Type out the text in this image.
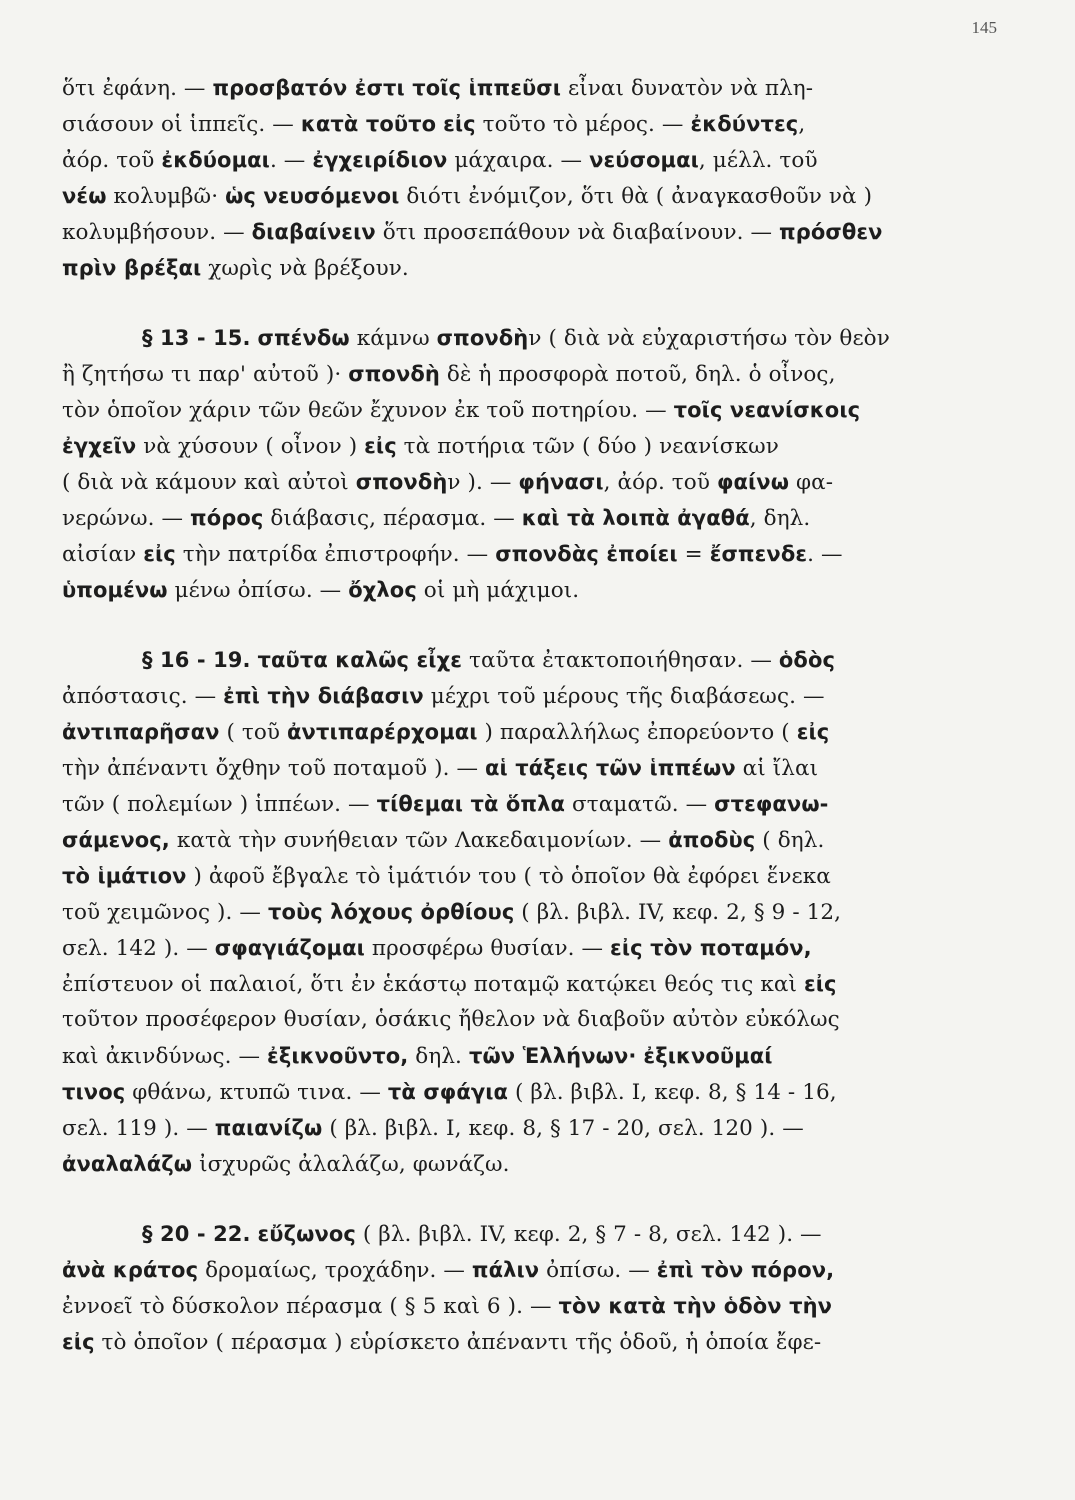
145

ὅτι ἐφάνη. — προσβατόν ἐστι τοῖς ἱππεῦσι εἶναι δυνατὸν νὰ πλη-

σιάσουν οἱ ἱππεῖς. — κατὰ τοῦτο εἰς τοῦτο τὸ μέρος. — ἐκδύντες,

ἀόρ. τοῦ ἐκδύομαι. — ἐγχειρίδιον μάχαιρα. — νεύσομαι, μέλλ. τοῦ

νέω κολυμβῶ· ὡς νευσόμενοι διότι ἐνόμιζον, ὅτι θὰ ( ἀναγκασθοῦν νὰ )

κολυμβήσουν. — διαβαίνειν ὅτι προσεπάθουν νὰ διαβαίνουν. — πρόσθεν

πρὶν βρέξαι χωρὶς νὰ βρέξουν.

§ 13 - 15. σπένδω κάμνω σπονδὴν ( διὰ νὰ εὐχαριστήσω τὸν θεὸν

ἢ ζητήσω τι παρ' αὐτοῦ )· σπονδὴ δὲ ἡ προσφορὰ ποτοῦ, δηλ. ὁ οἶνος,

τὸν ὁποῖον χάριν τῶν θεῶν ἔχυνον ἐκ τοῦ ποτηρίου. — τοῖς νεανίσκοις

ἐγχεῖν νὰ χύσουν ( οἶνον ) εἰς τὰ ποτήρια τῶν ( δύο ) νεανίσκων

( διὰ νὰ κάμουν καὶ αὐτοὶ σπονδὴν ). — φήνασι, ἀόρ. τοῦ φαίνω φα-

νερώνω. — πόρος διάβασις, πέρασμα. — καὶ τὰ λοιπὰ ἀγαθά, δηλ.

αἰσίαν εἰς τὴν πατρίδα ἐπιστροφήν. — σπονδὰς ἐποίει = ἔσπενδε. —

ὑπομένω μένω ὀπίσω. — ὄχλος οἱ μὴ μάχιμοι.

§ 16 - 19. ταῦτα καλῶς εἶχε ταῦτα ἐτακτοποιήθησαν. — ὁδὸς

ἀπόστασις. — ἐπὶ τὴν διάβασιν μέχρι τοῦ μέρους τῆς διαβάσεως. —

ἀντιπαρῆσαν ( τοῦ ἀντιπαρέρχομαι ) παραλλήλως ἐπορεύοντο ( εἰς

τὴν ἀπέναντι ὄχθην τοῦ ποταμοῦ ). — αἱ τάξεις τῶν ἱππέων αἱ ἴλαι

τῶν ( πολεμίων ) ἱππέων. — τίθεμαι τὰ ὅπλα σταματῶ. — στεφανω-

σάμενος, κατὰ τὴν συνήθειαν τῶν Λακεδαιμονίων. — ἀποδὺς ( δηλ.

τὸ ἱμάτιον ) ἀφοῦ ἔβγαλε τὸ ἱμάτιόν του ( τὸ ὁποῖον θὰ ἐφόρει ἕνεκα

τοῦ χειμῶνος ). — τοὺς λόχους ὀρθίους ( βλ. βιβλ. IV, κεφ. 2, § 9 - 12,

σελ. 142 ). — σφαγιάζομαι προσφέρω θυσίαν. — εἰς τὸν ποταμόν,

ἐπίστευον οἱ παλαιοί, ὅτι ἐν ἑκάστῳ ποταμῷ κατῴκει θεός τις καὶ εἰς

τοῦτον προσέφερον θυσίαν, ὁσάκις ἤθελον νὰ διαβοῦν αὐτὸν εὐκόλως

καὶ ἀκινδύνως. — ἐξικνοῦντο, δηλ. τῶν Ἑλλήνων· ἐξικνοῦμαί

τινος φθάνω, κτυπῶ τινα. — τὰ σφάγια ( βλ. βιβλ. Ι, κεφ. 8, § 14 - 16,

σελ. 119 ). — παιανίζω ( βλ. βιβλ. Ι, κεφ. 8, § 17 - 20, σελ. 120 ). —

ἀναλαλάζω ἰσχυρῶς ἀλαλάζω, φωνάζω.

§ 20 - 22. εὔζωνος ( βλ. βιβλ. IV, κεφ. 2, § 7 - 8, σελ. 142 ). —

ἀνὰ κράτος δρομαίως, τροχάδην. — πάλιν ὀπίσω. — ἐπὶ τὸν πόρον,

ἐννοεῖ τὸ δύσκολον πέρασμα ( § 5 καὶ 6 ). — τὸν κατὰ τὴν ὁδὸν τὴν

εἰς τὸ ὁποῖον ( πέρασμα ) εὑρίσκετο ἀπέναντι τῆς ὁδοῦ, ἡ ὁποία ἔφε-
